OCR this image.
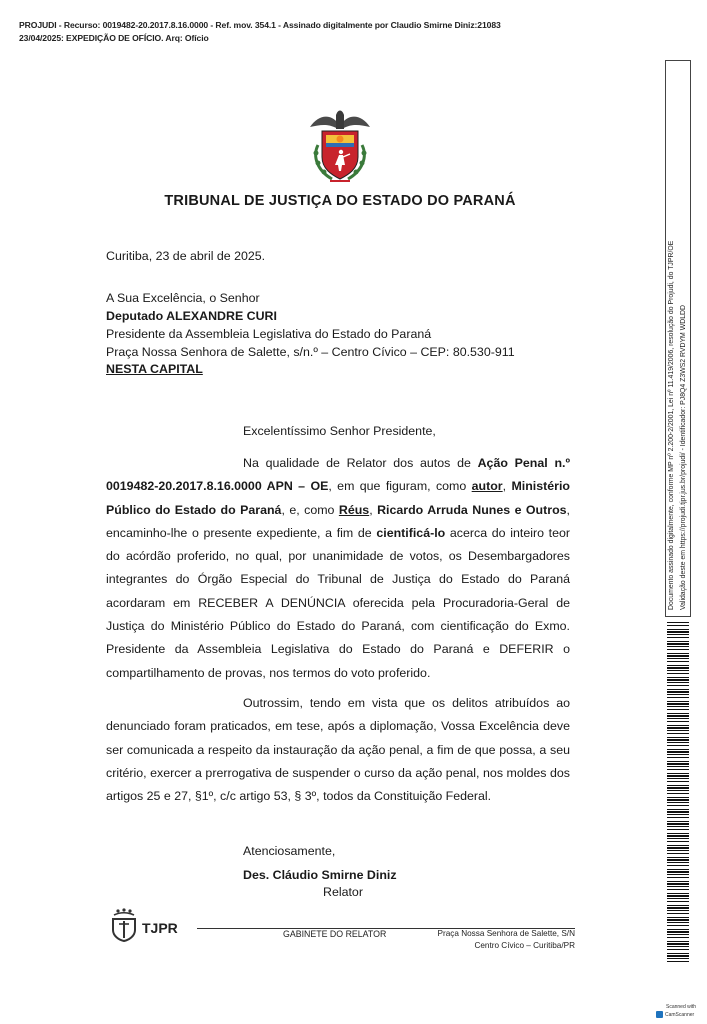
PROJUDI - Recurso: 0019482-20.2017.8.16.0000 - Ref. mov. 354.1 - Assinado digitalmente por Claudio Smirne Diniz:21083
23/04/2025: EXPEDIÇÃO DE OFÍCIO. Arq: Ofício
TRIBUNAL DE JUSTIÇA DO ESTADO DO PARANÁ
Curitiba, 23 de abril de 2025.
A Sua Excelência, o Senhor
Deputado ALEXANDRE CURI
Presidente da Assembleia Legislativa do Estado do Paraná
Praça Nossa Senhora de Salette, s/n.º – Centro Cívico – CEP: 80.530-911
NESTA CAPITAL
Excelentíssimo Senhor Presidente,

Na qualidade de Relator dos autos de Ação Penal n.º 0019482-20.2017.8.16.0000 APN – OE, em que figuram, como autor, Ministério Público do Estado do Paraná, e, como Réus, Ricardo Arruda Nunes e Outros, encaminho-lhe o presente expediente, a fim de cientificá-lo acerca do inteiro teor do acórdão proferido, no qual, por unanimidade de votos, os Desembargadores integrantes do Órgão Especial do Tribunal de Justiça do Estado do Paraná acordaram em RECEBER A DENÚNCIA oferecida pela Procuradoria-Geral de Justiça do Ministério Público do Estado do Paraná, com cientificação do Exmo. Presidente da Assembleia Legislativa do Estado do Paraná e DEFERIR o compartilhamento de provas, nos termos do voto proferido.

Outrossim, tendo em vista que os delitos atribuídos ao denunciado foram praticados, em tese, após a diplomação, Vossa Excelência deve ser comunicada a respeito da instauração da ação penal, a fim de que possa, a seu critério, exercer a prerrogativa de suspender o curso da ação penal, nos moldes dos artigos 25 e 27, §1º, c/c artigo 53, § 3º, todos da Constituição Federal.

Atenciosamente,
Des. Cláudio Smirne Diniz
Relator
TJPR	GABINETE DO RELATOR	Praça Nossa Senhora de Salette, S/N
Centro Cívico – Curitiba/PR
Documento assinado digitalmente, conforme MP nº 2.200-2/2001, Lei nº 11.419/2006, resolução do Projudi, do TJPR/OE Validação deste em https://projudi.tjpr.jus.br/projudi/ - Identificador: PJ8Q4 Z3WS2 RVDYM WDLDD
Scanned with
CamScanner
